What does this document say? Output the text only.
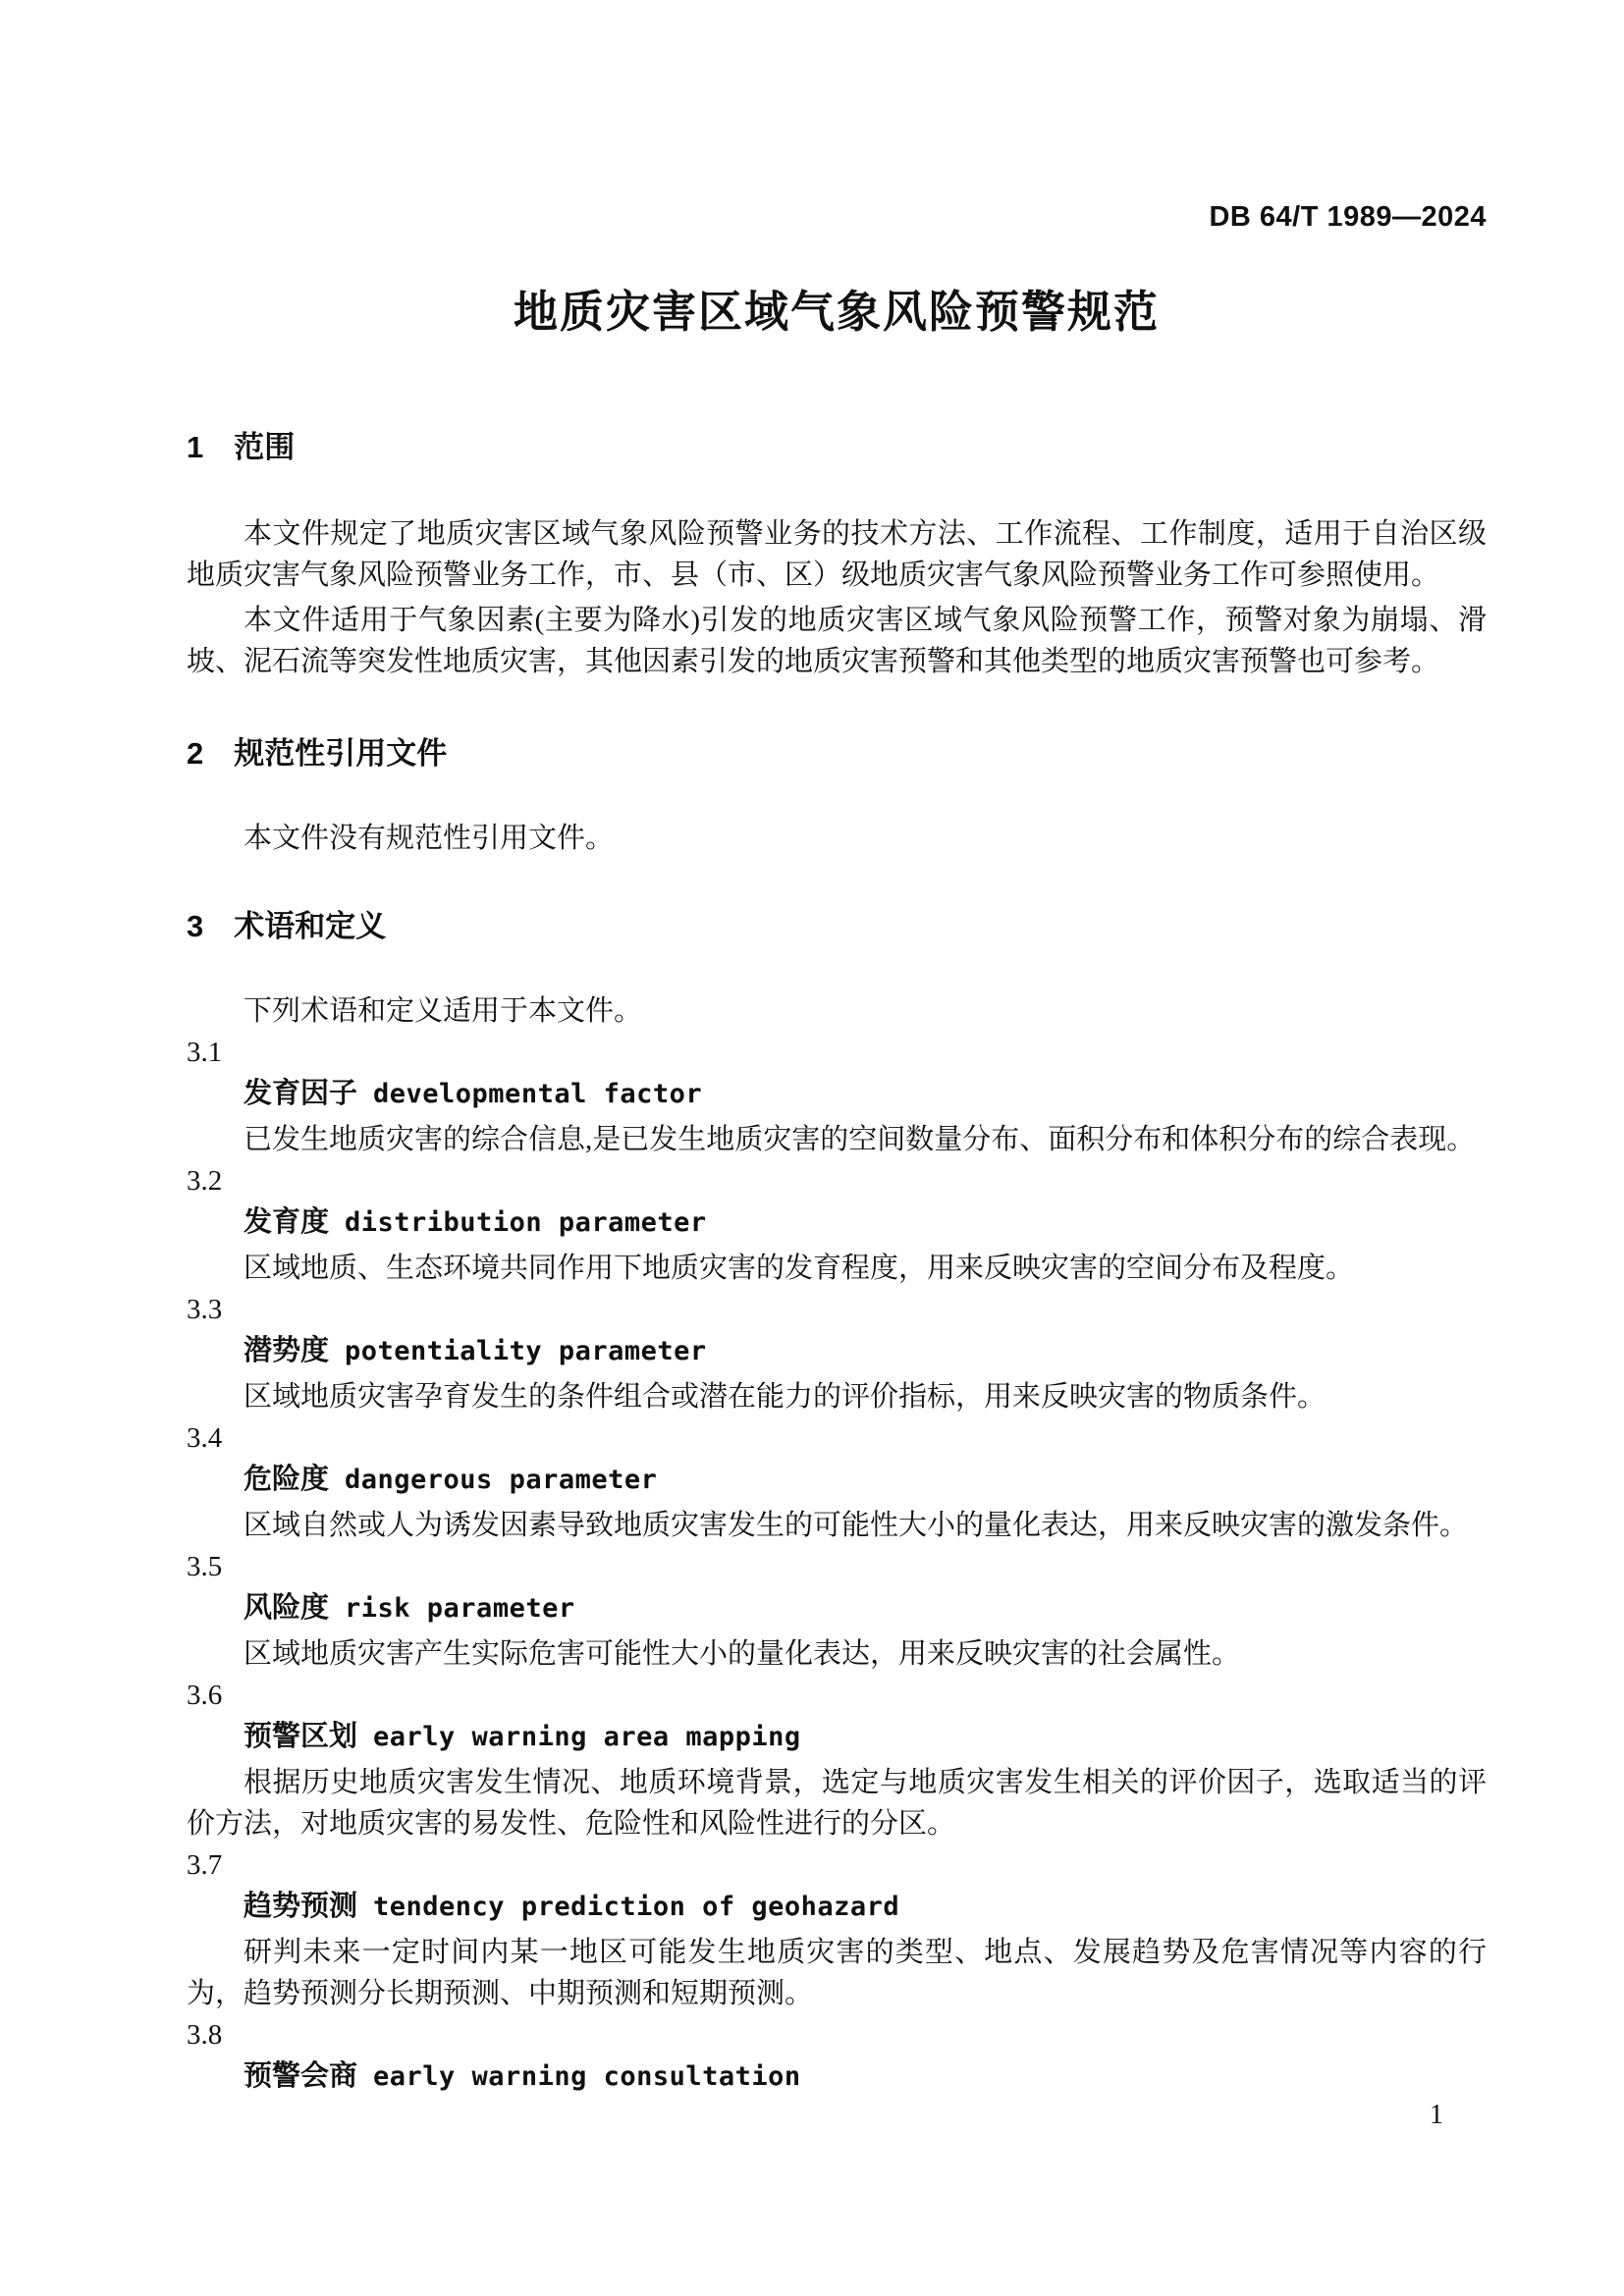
DB 64/T 1989—2024
地质灾害区域气象风险预警规范
1 范围

本文件规定了地质灾害区域气象风险预警业务的技术方法、工作流程、工作制度，适用于自治区级地质灾害气象风险预警业务工作，市、县（市、区）级地质灾害气象风险预警业务工作可参照使用。

本文件适用于气象因素(主要为降水)引发的地质灾害区域气象风险预警工作，预警对象为崩塌、滑坡、泥石流等突发性地质灾害，其他因素引发的地质灾害预警和其他类型的地质灾害预警也可参考。

2 规范性引用文件

本文件没有规范性引用文件。

3 术语和定义

下列术语和定义适用于本文件。

3.1
发育因子 developmental factor

已发生地质灾害的综合信息,是已发生地质灾害的空间数量分布、面积分布和体积分布的综合表现。

3.2
发育度 distribution parameter

区域地质、生态环境共同作用下地质灾害的发育程度，用来反映灾害的空间分布及程度。

3.3
潜势度 potentiality parameter

区域地质灾害孕育发生的条件组合或潜在能力的评价指标，用来反映灾害的物质条件。

3.4
危险度 dangerous parameter

区域自然或人为诱发因素导致地质灾害发生的可能性大小的量化表达，用来反映灾害的激发条件。

3.5
风险度 risk parameter

区域地质灾害产生实际危害可能性大小的量化表达，用来反映灾害的社会属性。

3.6
预警区划 early warning area mapping

根据历史地质灾害发生情况、地质环境背景，选定与地质灾害发生相关的评价因子，选取适当的评价方法，对地质灾害的易发性、危险性和风险性进行的分区。

3.7
趋势预测 tendency prediction of geohazard

研判未来一定时间内某一地区可能发生地质灾害的类型、地点、发展趋势及危害情况等内容的行为，趋势预测分长期预测、中期预测和短期预测。

3.8
预警会商 early warning consultation
1
